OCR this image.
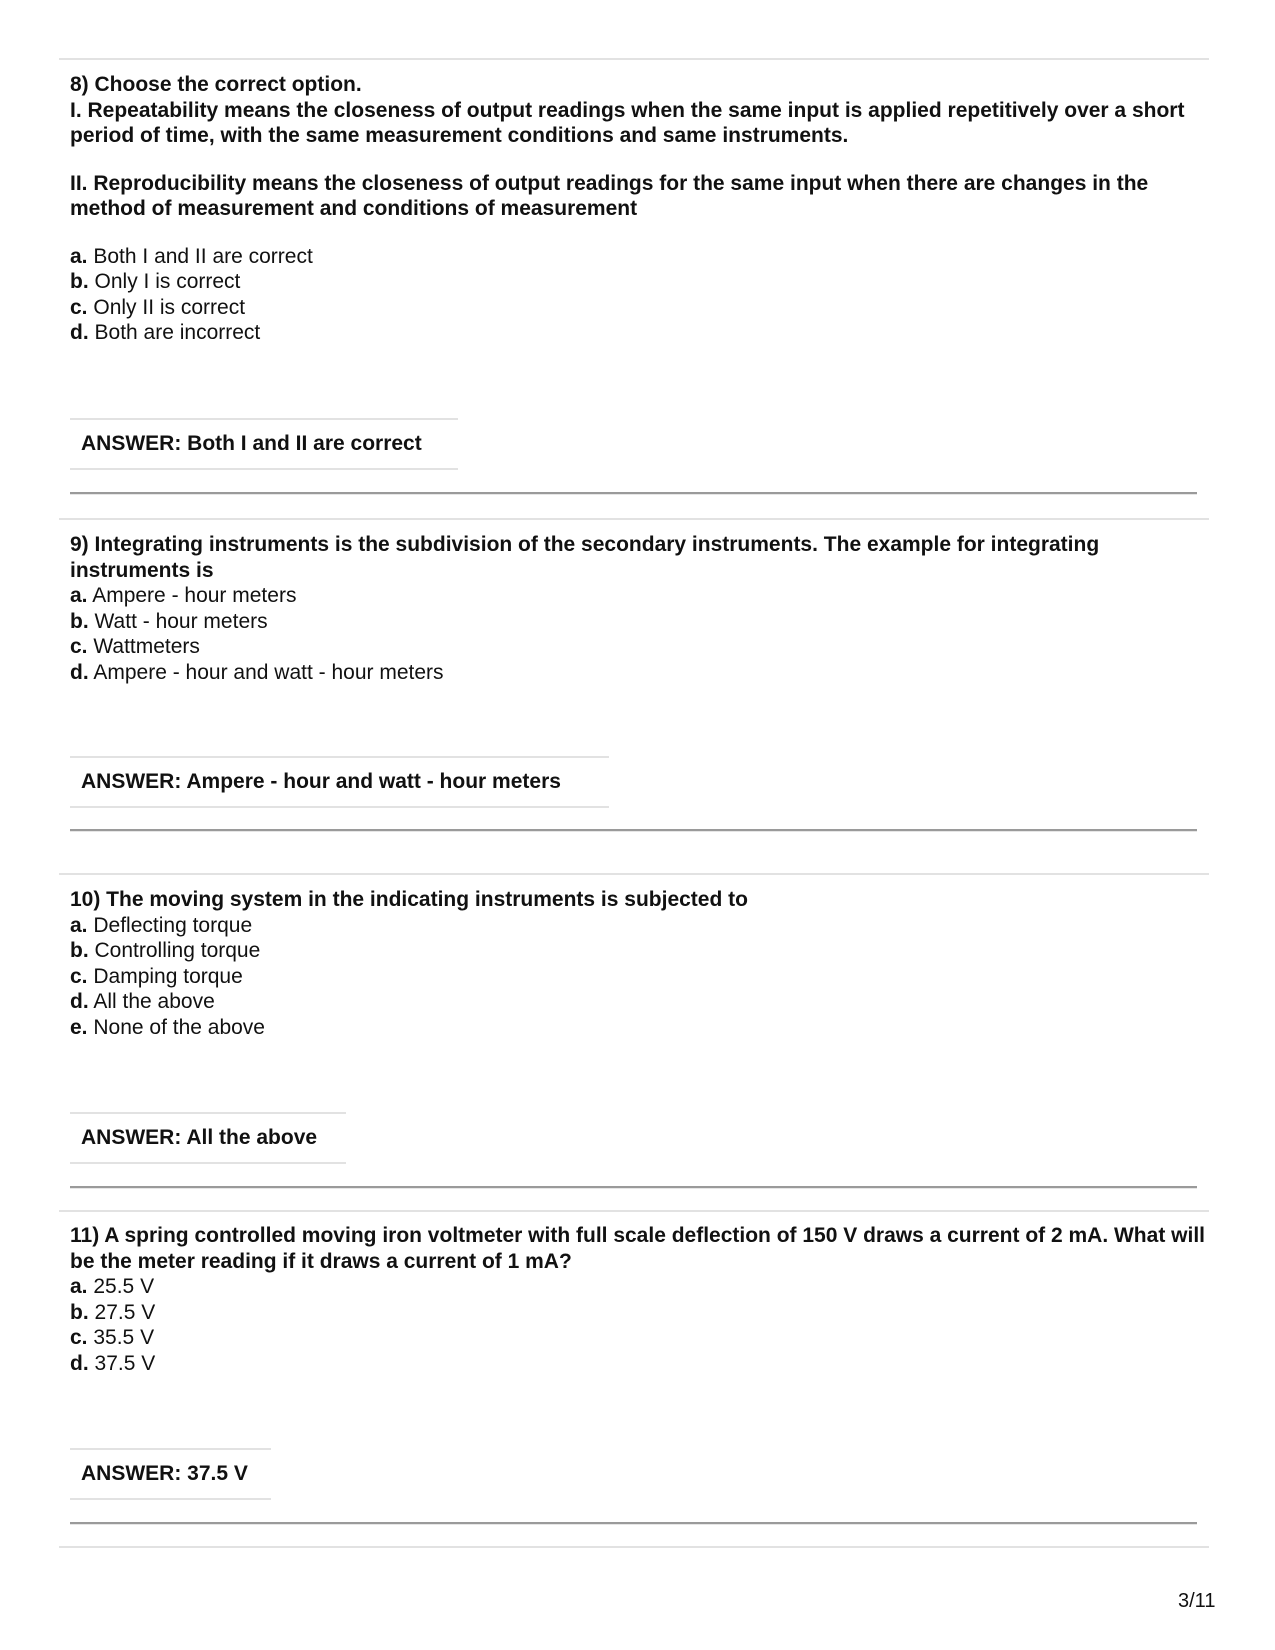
8) Choose the correct option.

I. Repeatability means the closeness of output readings when the same input is applied repetitively over a short period of time, with the same measurement conditions and same instruments.

II. Reproducibility means the closeness of output readings for the same input when there are changes in the method of measurement and conditions of measurement

a. Both I and II are correct
b. Only I is correct
c. Only II is correct
d. Both are incorrect
ANSWER: Both I and II are correct

9) Integrating instruments is the subdivision of the secondary instruments. The example for integrating instruments is

a. Ampere - hour meters
b. Watt - hour meters
c. Wattmeters
d. Ampere - hour and watt - hour meters
ANSWER: Ampere - hour and watt - hour meters

10) The moving system in the indicating instruments is subjected to

a. Deflecting torque
b. Controlling torque
c. Damping torque
d. All the above
e. None of the above
ANSWER: All the above

11) A spring controlled moving iron voltmeter with full scale deflection of 150 V draws a current of 2 mA. What will be the meter reading if it draws a current of 1 mA?

a. 25.5 V
b. 27.5 V
c. 35.5 V
d. 37.5 V
ANSWER: 37.5 V
3/11
